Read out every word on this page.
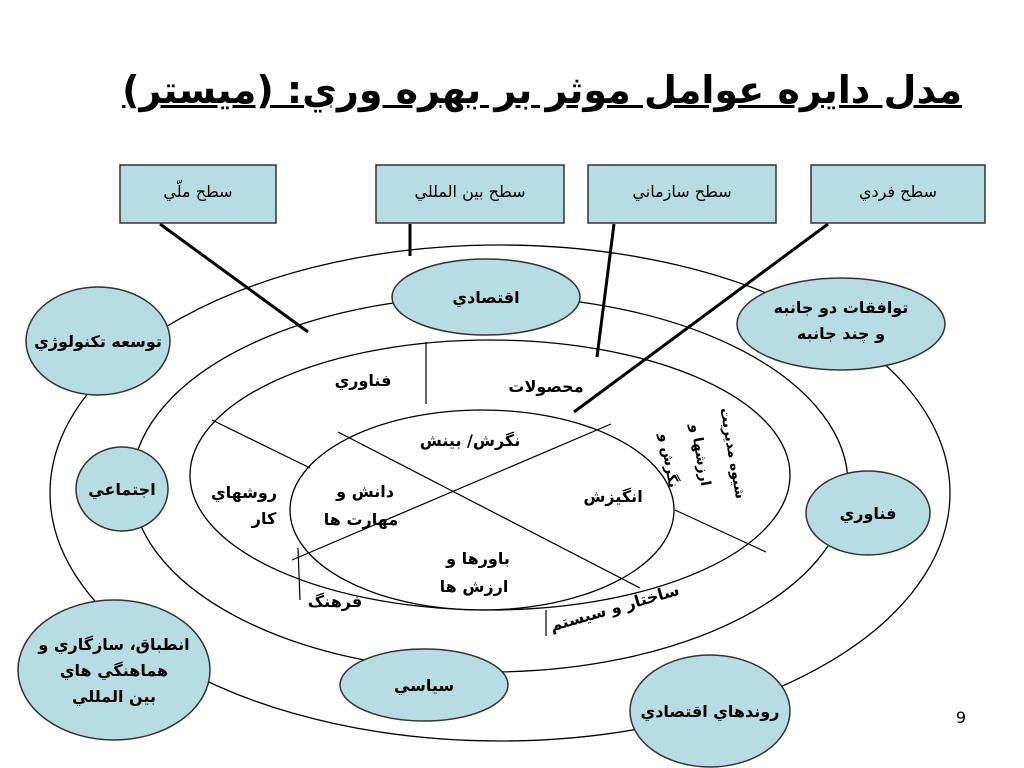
سطح ملّي	سطح بين المللي	سطح سازماني	سطح فردي
اقتصادي
توسعه تكنولوژي
توافقات دو جانبه
و چند جانبه
اجتماعي
فناوري
انطباق، سازگاري و
هماهنگي هاي
بين المللي
سياسي
روندهاي اقتصادي
فناوري	محصولات
روشهاي
كار
فرهنگ	ساختار و سيستم
نگرش و ارزشها و شيوه مديريت
نگرش/ بينش
دانش و
مهارت ها
انگيزش
باورها و
ارزش ها
مدل دايره عوامل موثر بر بهره وري: (ميستر)
9
